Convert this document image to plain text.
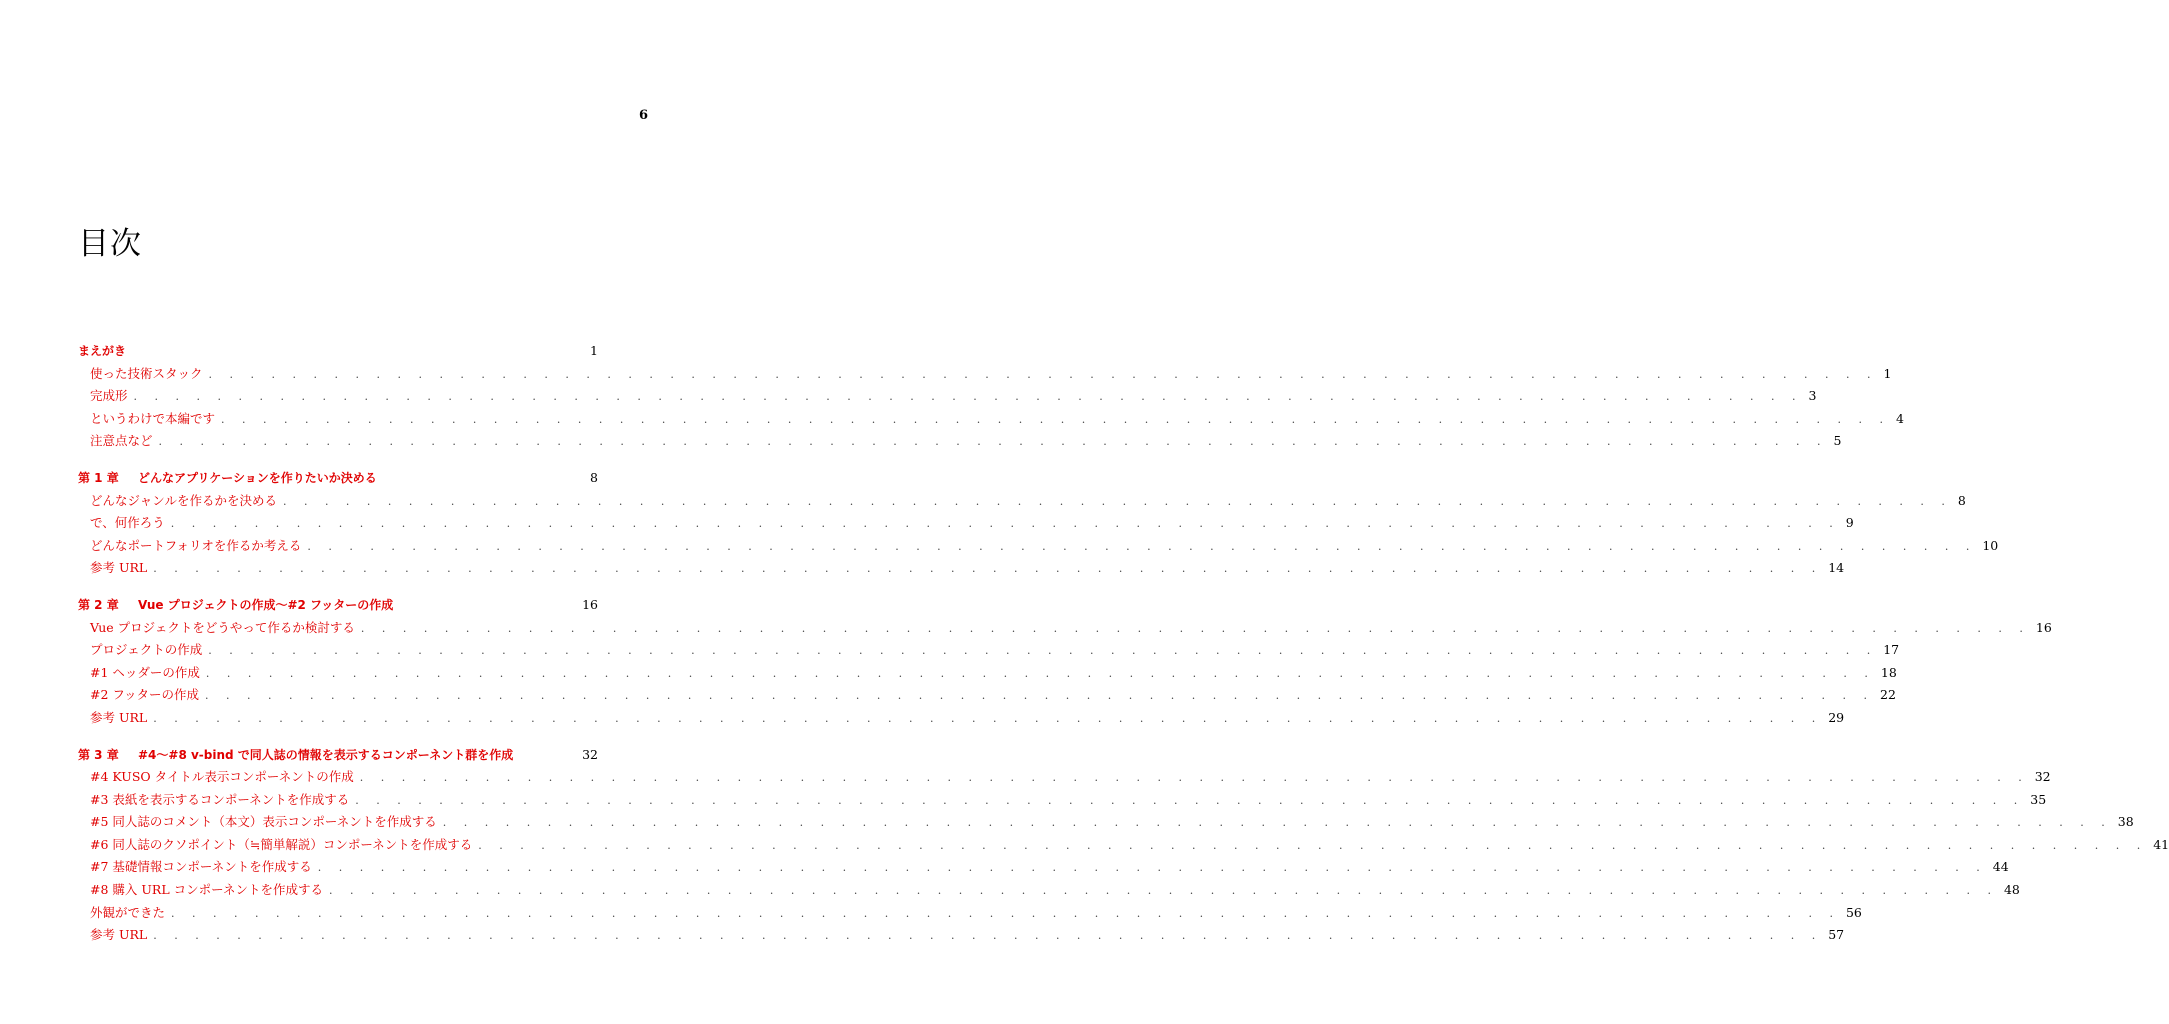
6
目次
まえがき	1
使った技術スタック . . . . . . . . . . . . . . . . . . . . . . . . . . . . . . . . . . . . . . . . . . . . . . . . . . . . . . . . . . . . . . . . . . . . . . . . . . . . . . . . 1
完成形 . . . . . . . . . . . . . . . . . . . . . . . . . . . . . . . . . . . . . . . . . . . . . . . . . . . . . . . . . . . . . . . . . . . . . . . . . . . . . . . . 3
というわけで本編です . . . . . . . . . . . . . . . . . . . . . . . . . . . . . . . . . . . . . . . . . . . . . . . . . . . . . . . . . . . . . . . . . . . . . . . . . . . . . . . . 4
注意点など . . . . . . . . . . . . . . . . . . . . . . . . . . . . . . . . . . . . . . . . . . . . . . . . . . . . . . . . . . . . . . . . . . . . . . . . . . . . . . . . 5
第 1 章 どんなアプリケーションを作りたいか決める	8
どんなジャンルを作るかを決める . . . . . . . . . . . . . . . . . . . . . . . . . . . . . . . . . . . . . . . . . . . . . . . . . . . . . . . . . . . . . . . . . . . . . . . . . . . . . . . . 8
で、何作ろう . . . . . . . . . . . . . . . . . . . . . . . . . . . . . . . . . . . . . . . . . . . . . . . . . . . . . . . . . . . . . . . . . . . . . . . . . . . . . . . . 9
どんなポートフォリオを作るか考える . . . . . . . . . . . . . . . . . . . . . . . . . . . . . . . . . . . . . . . . . . . . . . . . . . . . . . . . . . . . . . . . . . . . . . . . . . . . . . . . 10
参考 URL . . . . . . . . . . . . . . . . . . . . . . . . . . . . . . . . . . . . . . . . . . . . . . . . . . . . . . . . . . . . . . . . . . . . . . . . . . . . . . . . 14
第 2 章 Vue プロジェクトの作成〜#2 フッターの作成	16
Vue プロジェクトをどうやって作るか検討する . . . . . . . . . . . . . . . . . . . . . . . . . . . . . . . . . . . . . . . . . . . . . . . . . . . . . . . . . . . . . . . . . . . . . . . . . . . . . . . . 16
プロジェクトの作成 . . . . . . . . . . . . . . . . . . . . . . . . . . . . . . . . . . . . . . . . . . . . . . . . . . . . . . . . . . . . . . . . . . . . . . . . . . . . . . . . 17
#1 ヘッダーの作成 . . . . . . . . . . . . . . . . . . . . . . . . . . . . . . . . . . . . . . . . . . . . . . . . . . . . . . . . . . . . . . . . . . . . . . . . . . . . . . . . 18
#2 フッターの作成 . . . . . . . . . . . . . . . . . . . . . . . . . . . . . . . . . . . . . . . . . . . . . . . . . . . . . . . . . . . . . . . . . . . . . . . . . . . . . . . . 22
参考 URL . . . . . . . . . . . . . . . . . . . . . . . . . . . . . . . . . . . . . . . . . . . . . . . . . . . . . . . . . . . . . . . . . . . . . . . . . . . . . . . . 29
第 3 章 #4〜#8 v-bind で同人誌の情報を表示するコンポーネント群を作成	32
#4 KUSO タイトル表示コンポーネントの作成 . . . . . . . . . . . . . . . . . . . . . . . . . . . . . . . . . . . . . . . . . . . . . . . . . . . . . . . . . . . . . . . . . . . . . . . . . . . . . . . . 32
#3 表紙を表示するコンポーネントを作成する . . . . . . . . . . . . . . . . . . . . . . . . . . . . . . . . . . . . . . . . . . . . . . . . . . . . . . . . . . . . . . . . . . . . . . . . . . . . . . . . 35
#5 同人誌のコメント（本文）表示コンポーネントを作成する . . . . . . . . . . . . . . . . . . . . . . . . . . . . . . . . . . . . . . . . . . . . . . . . . . . . . . . . . . . . . . . . . . . . . . . . . . . . . . . . 38
#6 同人誌のクソポイント（≒簡単解説）コンポーネントを作成する . . . . . . . . . . . . . . . . . . . . . . . . . . . . . . . . . . . . . . . . . . . . . . . . . . . . . . . . . . . . . . . . . . . . . . . . . . . . . . . . 41
#7 基礎情報コンポーネントを作成する . . . . . . . . . . . . . . . . . . . . . . . . . . . . . . . . . . . . . . . . . . . . . . . . . . . . . . . . . . . . . . . . . . . . . . . . . . . . . . . . 44
#8 購入 URL コンポーネントを作成する . . . . . . . . . . . . . . . . . . . . . . . . . . . . . . . . . . . . . . . . . . . . . . . . . . . . . . . . . . . . . . . . . . . . . . . . . . . . . . . . 48
外観ができた . . . . . . . . . . . . . . . . . . . . . . . . . . . . . . . . . . . . . . . . . . . . . . . . . . . . . . . . . . . . . . . . . . . . . . . . . . . . . . . . 56
参考 URL . . . . . . . . . . . . . . . . . . . . . . . . . . . . . . . . . . . . . . . . . . . . . . . . . . . . . . . . . . . . . . . . . . . . . . . . . . . . . . . . 57
